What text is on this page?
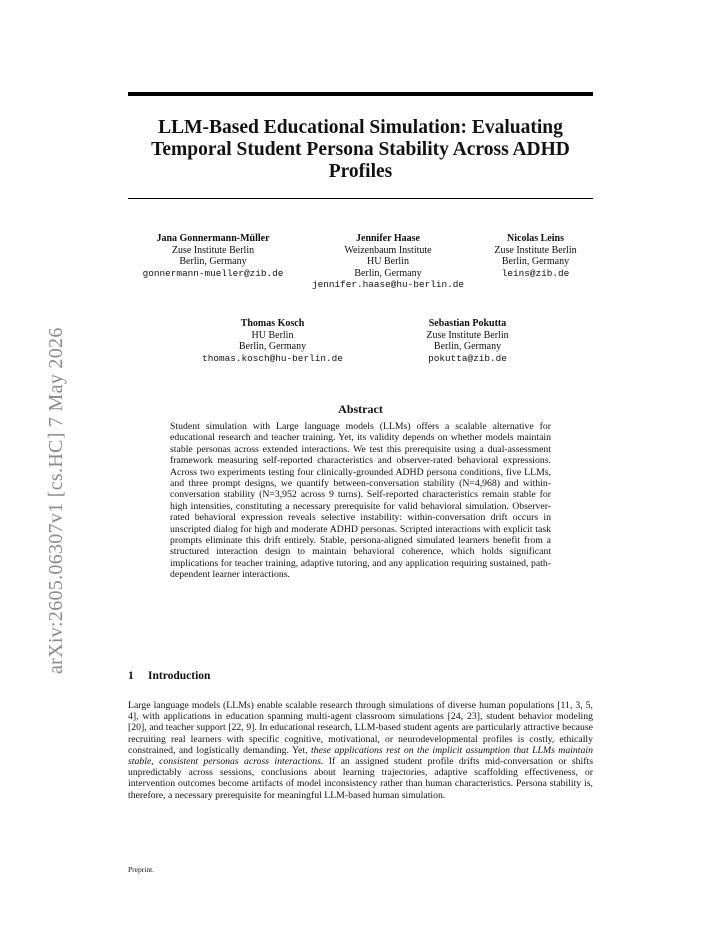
arXiv:2605.06307v1 [cs.HC] 7 May 2026
LLM-Based Educational Simulation: Evaluating Temporal Student Persona Stability Across ADHD Profiles
Jana Gonnermann-Müller
Zuse Institute Berlin
Berlin, Germany
gonnermann-mueller@zib.de
Jennifer Haase
Weizenbaum Institute
HU Berlin
Berlin, Germany
jennifer.haase@hu-berlin.de
Nicolas Leins
Zuse Institute Berlin
Berlin, Germany
leins@zib.de
Thomas Kosch
HU Berlin
Berlin, Germany
thomas.kosch@hu-berlin.de
Sebastian Pokutta
Zuse Institute Berlin
Berlin, Germany
pokutta@zib.de
Abstract
Student simulation with Large language models (LLMs) offers a scalable alternative for educational research and teacher training. Yet, its validity depends on whether models maintain stable personas across extended interactions. We test this prerequisite using a dual-assessment framework measuring self-reported characteristics and observer-rated behavioral expressions. Across two experiments testing four clinically-grounded ADHD persona conditions, five LLMs, and three prompt designs, we quantify between-conversation stability (N=4,968) and within-conversation stability (N=3,952 across 9 turns). Self-reported characteristics remain stable for high intensities, constituting a necessary prerequisite for valid behavioral simulation. Observer-rated behavioral expression reveals selective instability: within-conversation drift occurs in unscripted dialog for high and moderate ADHD personas. Scripted interactions with explicit task prompts eliminate this drift entirely. Stable, persona-aligned simulated learners benefit from a structured interaction design to maintain behavioral coherence, which holds significant implications for teacher training, adaptive tutoring, and any application requiring sustained, path-dependent learner interactions.
1 Introduction
Large language models (LLMs) enable scalable research through simulations of diverse human populations [11, 3, 5, 4], with applications in education spanning multi-agent classroom simulations [24, 23], student behavior modeling [20], and teacher support [22, 9]. In educational research, LLM-based student agents are particularly attractive because recruiting real learners with specific cognitive, motivational, or neurodevelopmental profiles is costly, ethically constrained, and logistically demanding. Yet, these applications rest on the implicit assumption that LLMs maintain stable, consistent personas across interactions. If an assigned student profile drifts mid-conversation or shifts unpredictably across sessions, conclusions about learning trajectories, adaptive scaffolding effectiveness, or intervention outcomes become artifacts of model inconsistency rather than human characteristics. Persona stability is, therefore, a necessary prerequisite for meaningful LLM-based human simulation.
Preprint.
